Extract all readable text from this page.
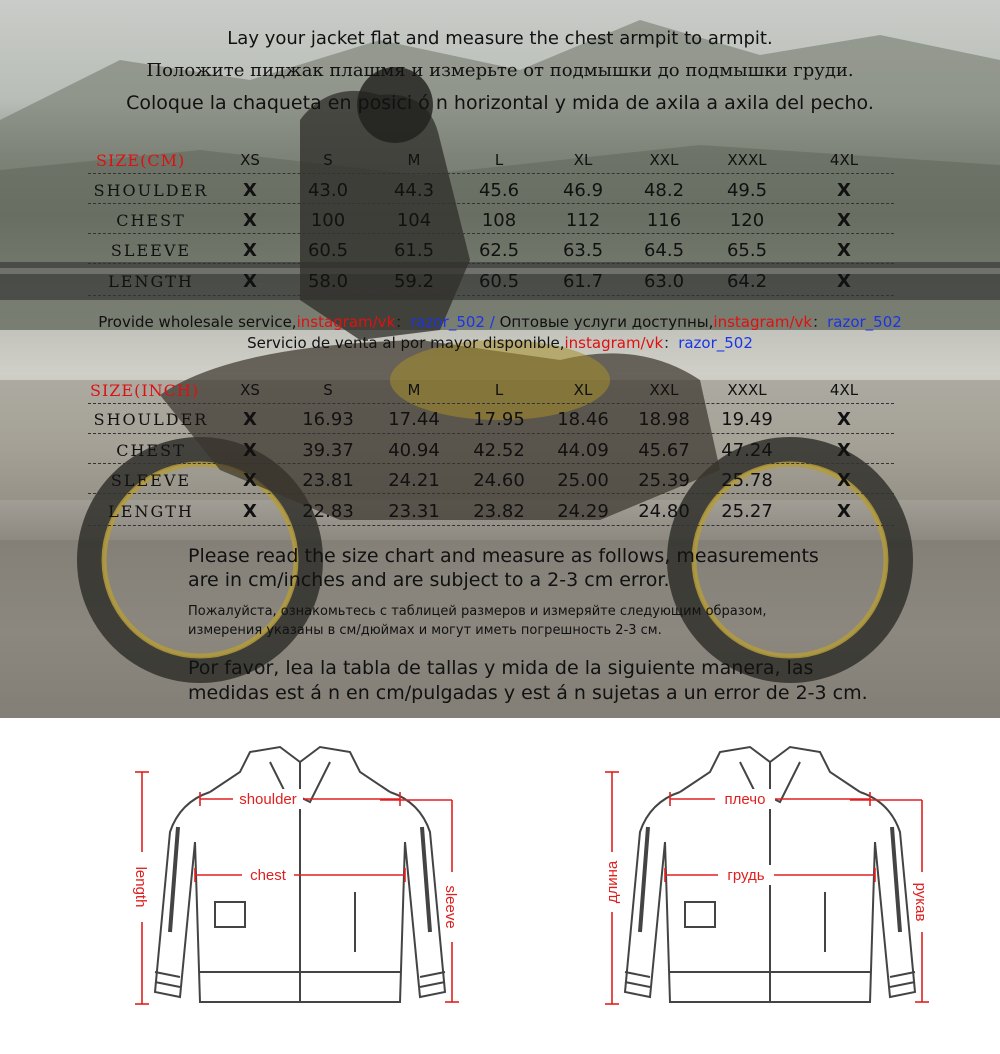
Lay your jacket flat and measure the chest armpit to armpit.
Положите пиджак плашмя и измерьте от подмышки до подмышки груди.
Coloque la chaqueta en posici ó n horizontal y mida de axila a axila del pecho.
SIZE(CM)	XS	S	M	L	XL	XXL	XXXL	4XL
SHOULDER	X	43.0	44.3	45.6	46.9	48.2	49.5	X
CHEST	X	100	104	108	112	116	120	X
SLEEVE	X	60.5	61.5	62.5	63.5	64.5	65.5	X
LENGTH	X	58.0	59.2	60.5	61.7	63.0	64.2	X
Provide wholesale service,instagram/vk：razor_502 / Оптовые услуги доступны,instagram/vk：razor_502
Servicio de venta al por mayor disponible,instagram/vk：razor_502
SIZE(INCH)	XS	S	M	L	XL	XXL	XXXL	4XL
SHOULDER	X	16.93	17.44	17.95	18.46	18.98	19.49	X
CHEST	X	39.37	40.94	42.52	44.09	45.67	47.24	X
SLEEVE	X	23.81	24.21	24.60	25.00	25.39	25.78	X
LENGTH	X	22.83	23.31	23.82	24.29	24.80	25.27	X
Please read the size chart and measure as follows, measurements
are in cm/inches and are subject to a 2-3 cm error.
Пожалуйста, ознакомьтесь с таблицей размеров и измеряйте следующим образом,
измерения указаны в см/дюймах и могут иметь погрешность 2-3 см.
Por favor, lea la tabla de tallas y mida de la siguiente manera, las
medidas est á n en cm/pulgadas y est á n sujetas a un error de 2-3 cm.
shoulder
chest
length	sleeve
плечо
грудь
длина	рукав
